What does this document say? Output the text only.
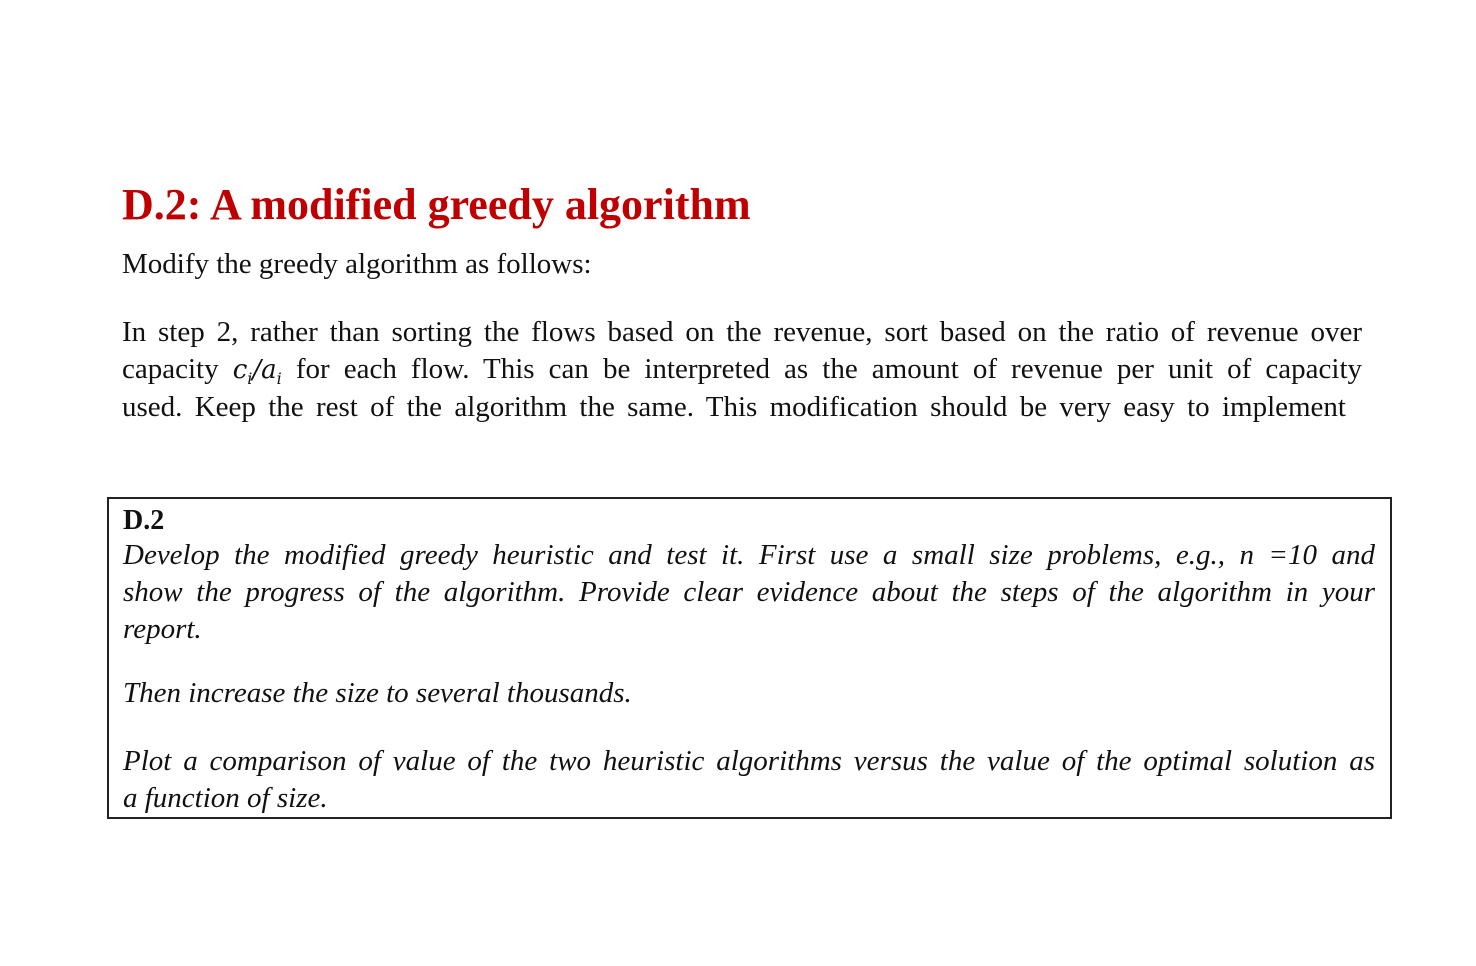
D.2: A modified greedy algorithm
Modify the greedy algorithm as follows:
In step 2, rather than sorting the flows based on the revenue, sort based on the ratio of revenue over
capacity $c_i/a_i$ for each flow. This can be interpreted as the amount of revenue per unit of capacity
used. Keep the rest of the algorithm the same. This modification should be very easy to implement
D.2
Develop the modified greedy heuristic and test it. First use a small size problems, e.g., n =10 and
show the progress of the algorithm. Provide clear evidence about the steps of the algorithm in your
report.
Then increase the size to several thousands.
Plot a comparison of value of the two heuristic algorithms versus the value of the optimal solution as
a function of size.
